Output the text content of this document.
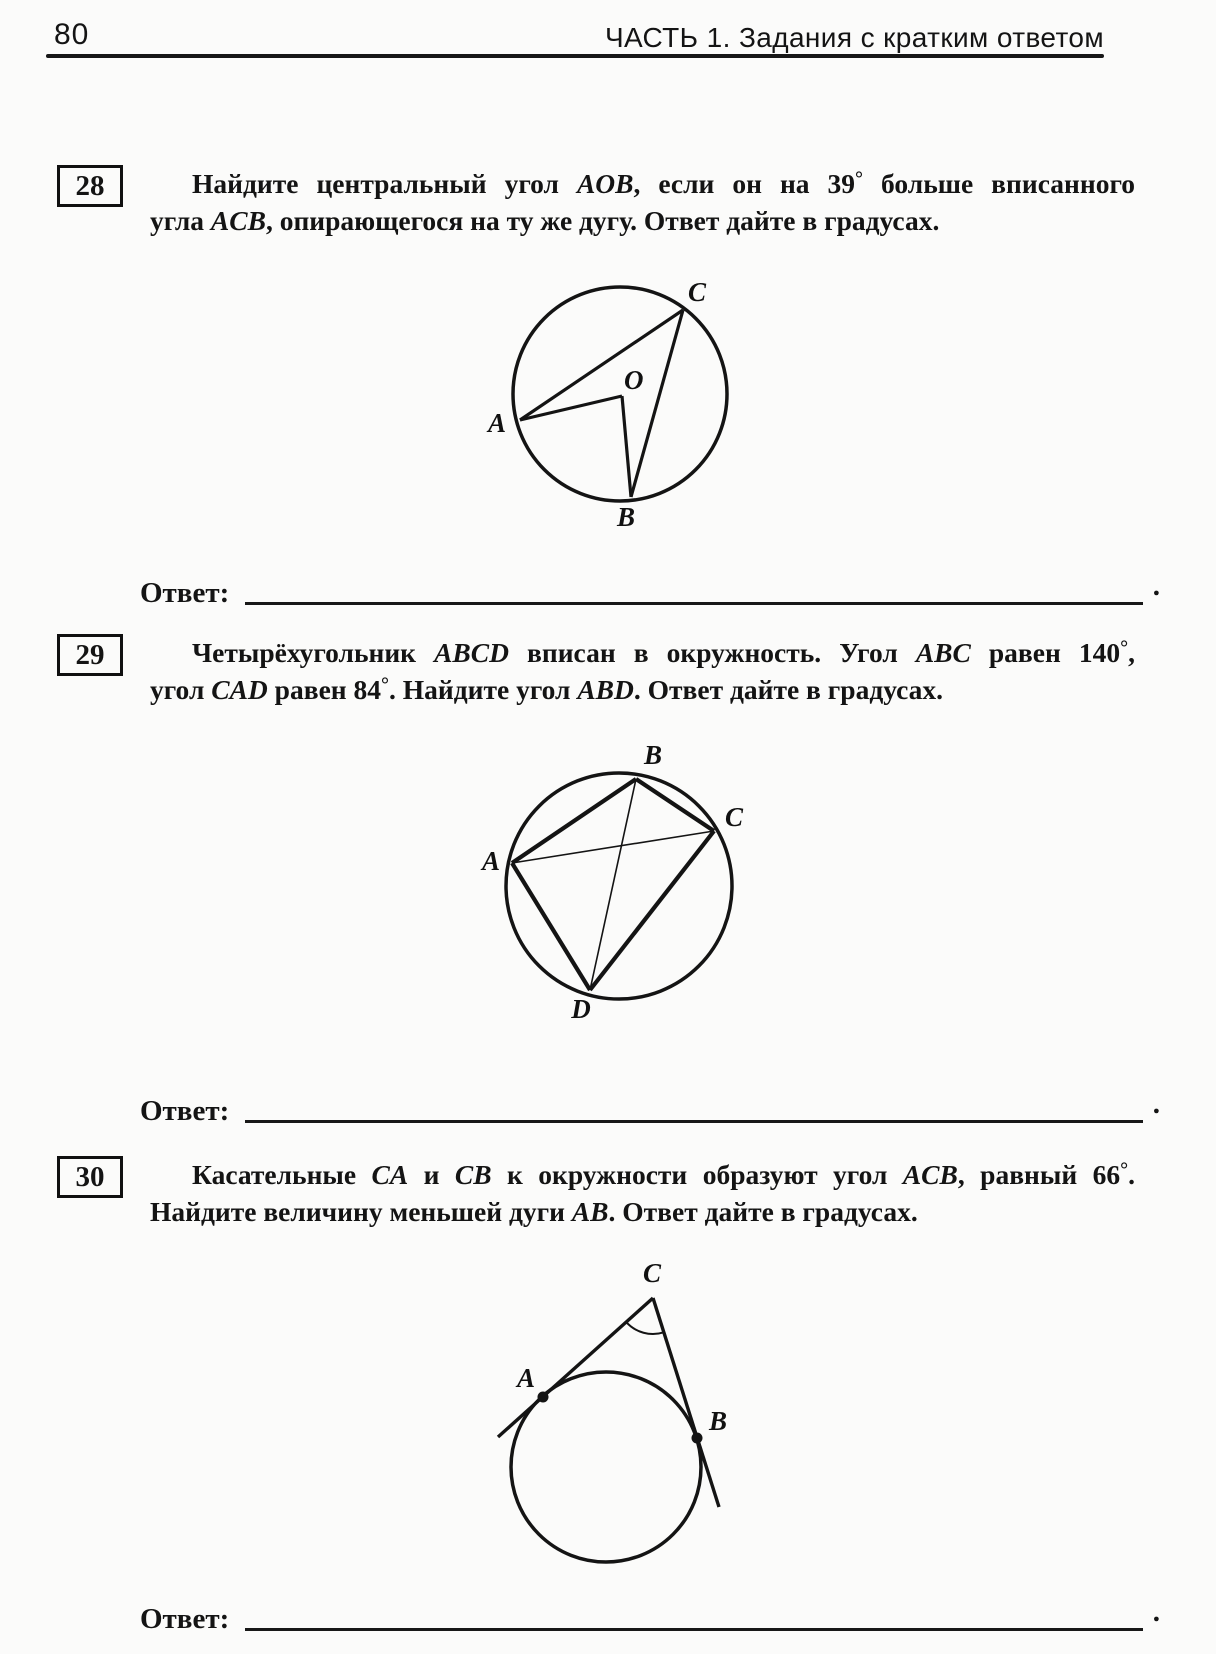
80	ЧАСТЬ 1. Задания с кратким ответом
28	Найдите центральный угол AOB, если он на 39° больше вписанного
угла ACB, опирающегося на ту же дугу. Ответ дайте в градусах.
A
C
B
O
Ответ:	.
29	Четырёхугольник ABCD вписан в окружность. Угол ABC равен 140°,
угол CAD равен 84°. Найдите угол ABD. Ответ дайте в градусах.
B
C
A
D
Ответ:	.
30	Касательные CA и CB к окружности образуют угол ACB, равный 66°.
Найдите величину меньшей дуги AB. Ответ дайте в градусах.
C
A
B
Ответ:	.
